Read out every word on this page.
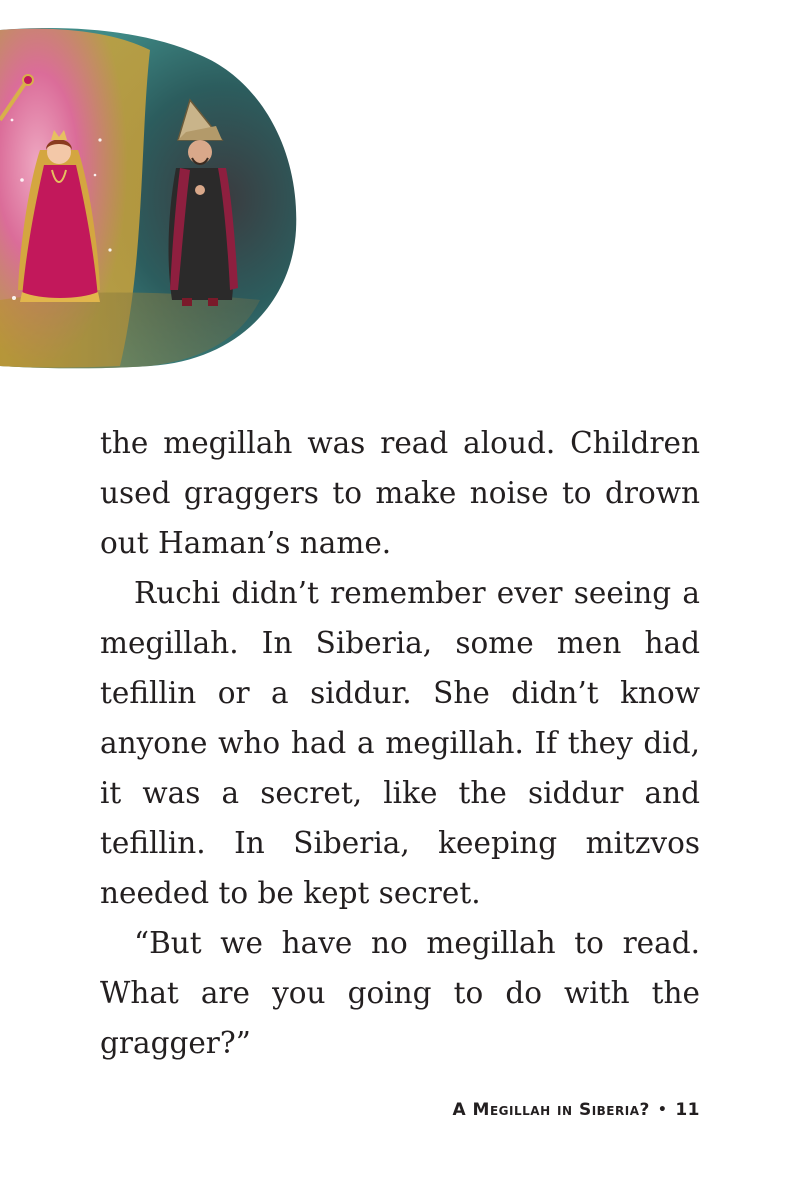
the megillah was read aloud. Children used graggers to make noise to drown out Haman’s name.

Ruchi didn’t remember ever seeing a megillah. In Siberia, some men had tefillin or a siddur. She didn’t know anyone who had a megillah. If they did, it was a secret, like the siddur and tefillin. In Siberia, keeping mitzvos needed to be kept secret.

“But we have no megillah to read. What are you going to do with the gragger?”

A Megillah in Siberia? • 11
